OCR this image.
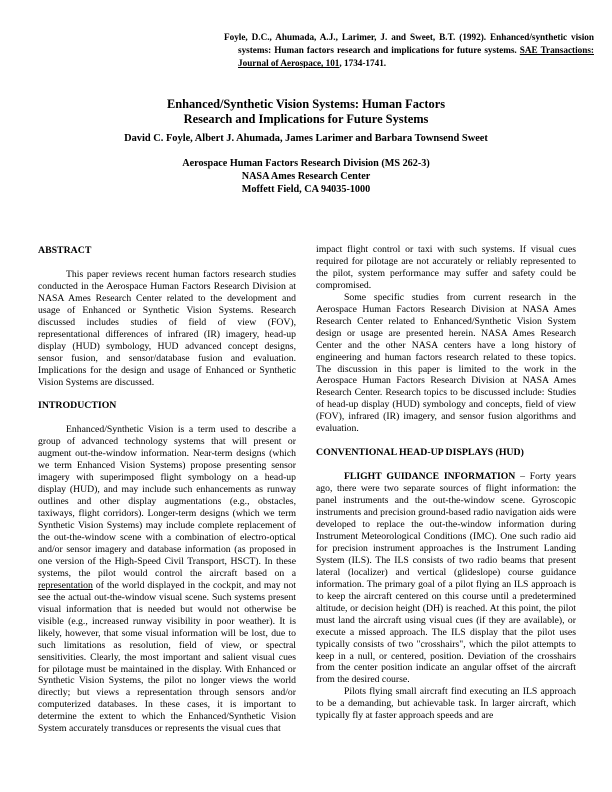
Foyle, D.C., Ahumada, A.J., Larimer, J. and Sweet, B.T. (1992). Enhanced/synthetic vision systems: Human factors research and implications for future systems. SAE Transactions: Journal of Aerospace, 101, 1734-1741.
Enhanced/Synthetic Vision Systems: Human Factors
Research and Implications for Future Systems
David C. Foyle, Albert J. Ahumada, James Larimer and Barbara Townsend Sweet
Aerospace Human Factors Research Division (MS 262-3)
NASA Ames Research Center
Moffett Field, CA 94035-1000
ABSTRACT

This paper reviews recent human factors research studies conducted in the Aerospace Human Factors Research Division at NASA Ames Research Center related to the development and usage of Enhanced or Synthetic Vision Systems. Research discussed includes studies of field of view (FOV), representational differences of infrared (IR) imagery, head-up display (HUD) symbology, HUD advanced concept designs, sensor fusion, and sensor/database fusion and evaluation. Implications for the design and usage of Enhanced or Synthetic Vision Systems are discussed.

INTRODUCTION

Enhanced/Synthetic Vision is a term used to describe a group of advanced technology systems that will present or augment out-the-window information. Near-term designs (which we term Enhanced Vision Systems) propose presenting sensor imagery with superimposed flight symbology on a head-up display (HUD), and may include such enhancements as runway outlines and other display augmentations (e.g., obstacles, taxiways, flight corridors). Longer-term designs (which we term Synthetic Vision Systems) may include complete replacement of the out-the-window scene with a combination of electro-optical and/or sensor imagery and database information (as proposed in one version of the High-Speed Civil Transport, HSCT). In these systems, the pilot would control the aircraft based on a representation of the world displayed in the cockpit, and may not see the actual out-the-window visual scene. Such systems present visual information that is needed but would not otherwise be visible (e.g., increased runway visibility in poor weather). It is likely, however, that some visual information will be lost, due to such limitations as resolution, field of view, or spectral sensitivities. Clearly, the most important and salient visual cues for pilotage must be maintained in the display. With Enhanced or Synthetic Vision Systems, the pilot no longer views the world directly; but views a representation through sensors and/or computerized databases. In these cases, it is important to determine the extent to which the Enhanced/Synthetic Vision System accurately transduces or represents the visual cues that

impact flight control or taxi with such systems. If visual cues required for pilotage are not accurately or reliably represented to the pilot, system performance may suffer and safety could be compromised.

Some specific studies from current research in the Aerospace Human Factors Research Division at NASA Ames Research Center related to Enhanced/Synthetic Vision System design or usage are presented herein. NASA Ames Research Center and the other NASA centers have a long history of engineering and human factors research related to these topics. The discussion in this paper is limited to the work in the Aerospace Human Factors Research Division at NASA Ames Research Center. Research topics to be discussed include: Studies of head-up display (HUD) symbology and concepts, field of view (FOV), infrared (IR) imagery, and sensor fusion algorithms and evaluation.

CONVENTIONAL HEAD-UP DISPLAYS (HUD)

FLIGHT GUIDANCE INFORMATION – Forty years ago, there were two separate sources of flight information: the panel instruments and the out-the-window scene. Gyroscopic instruments and precision ground-based radio navigation aids were developed to replace the out-the-window information during Instrument Meteorological Conditions (IMC). One such radio aid for precision instrument approaches is the Instrument Landing System (ILS). The ILS consists of two radio beams that present lateral (localizer) and vertical (glideslope) course guidance information. The primary goal of a pilot flying an ILS approach is to keep the aircraft centered on this course until a predetermined altitude, or decision height (DH) is reached. At this point, the pilot must land the aircraft using visual cues (if they are available), or execute a missed approach. The ILS display that the pilot uses typically consists of two "crosshairs", which the pilot attempts to keep in a null, or centered, position. Deviation of the crosshairs from the center position indicate an angular offset of the aircraft from the desired course.

Pilots flying small aircraft find executing an ILS approach to be a demanding, but achievable task. In larger aircraft, which typically fly at faster approach speeds and are
